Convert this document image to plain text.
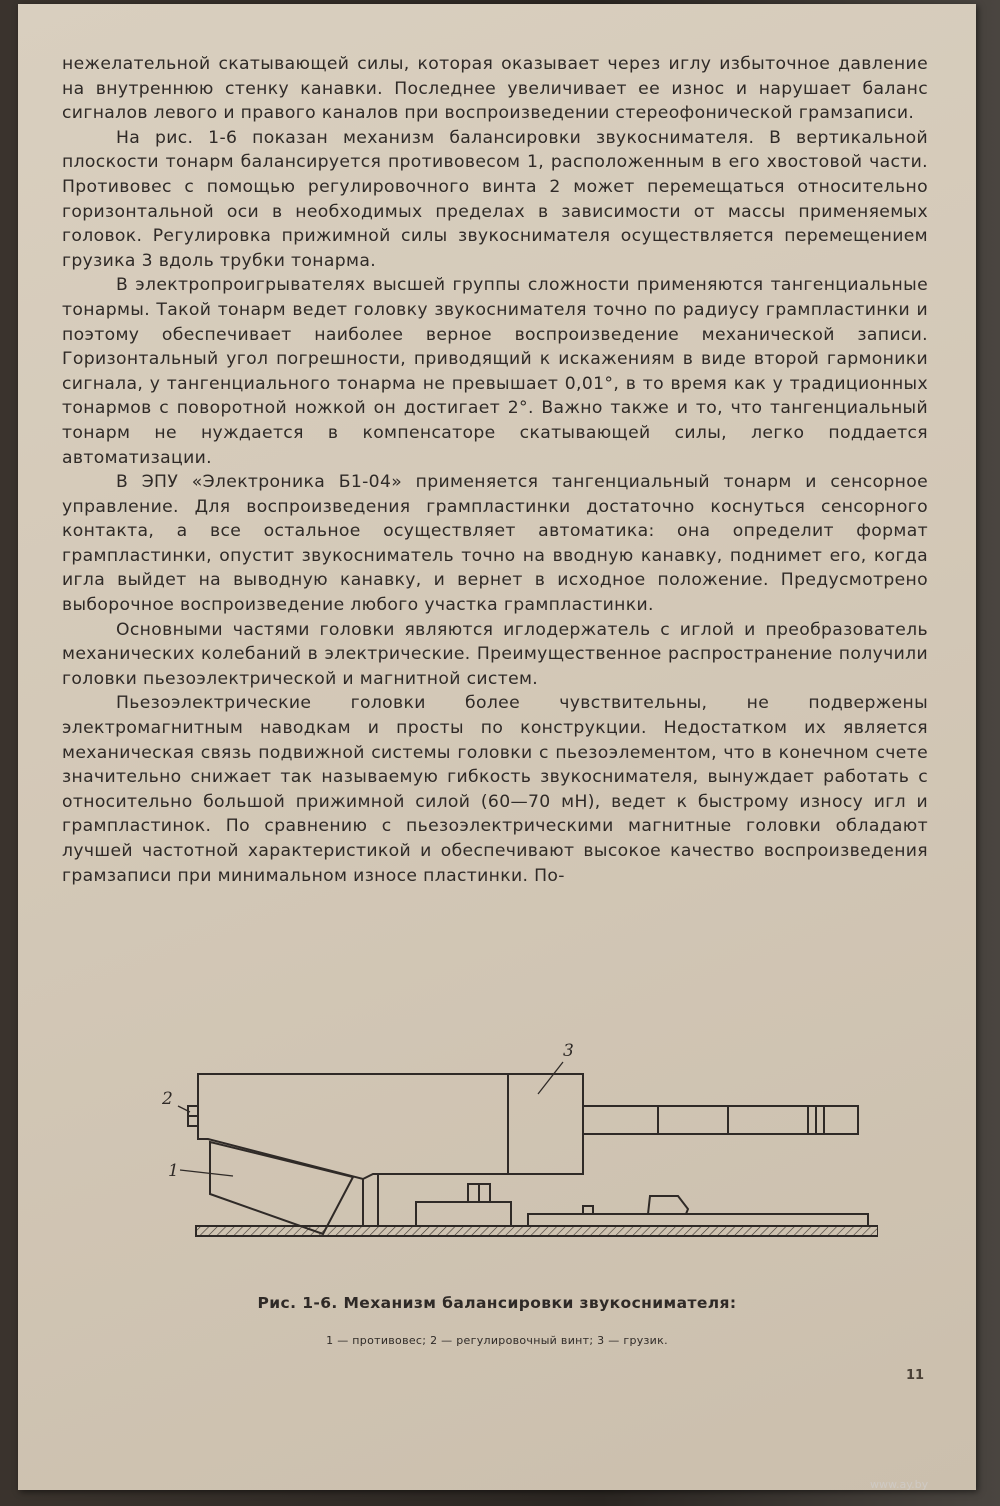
нежелательной скатывающей силы, которая оказывает через иглу избыточное давление на внутреннюю стенку канавки. Последнее увеличивает ее износ и нарушает баланс сигналов левого и правого каналов при воспроизведении стереофонической грамзаписи.

На рис. 1-6 показан механизм балансировки звукоснимателя. В вертикальной плоскости тонарм балансируется противовесом 1, расположенным в его хвостовой части. Противовес с помощью регулировочного винта 2 может перемещаться относительно горизонтальной оси в необходимых пределах в зависимости от массы применяемых головок. Регулировка прижимной силы звукоснимателя осуществляется перемещением грузика 3 вдоль трубки тонарма.

В электропроигрывателях высшей группы сложности применяются тангенциальные тонармы. Такой тонарм ведет головку звукоснимателя точно по радиусу грампластинки и поэтому обеспечивает наиболее верное воспроизведение механической записи. Горизонтальный угол погрешности, приводящий к искажениям в виде второй гармоники сигнала, у тангенциального тонарма не превышает 0,01°, в то время как у традиционных тонармов с поворотной ножкой он достигает 2°. Важно также и то, что тангенциальный тонарм не нуждается в компенсаторе скатывающей силы, легко поддается автоматизации.

В ЭПУ «Электроника Б1-04» применяется тангенциальный тонарм и сенсорное управление. Для воспроизведения грампластинки достаточно коснуться сенсорного контакта, а все остальное осуществляет автоматика: она определит формат грампластинки, опустит звукосниматель точно на вводную канавку, поднимет его, когда игла выйдет на выводную канавку, и вернет в исходное положение. Предусмотрено выборочное воспроизведение любого участка грампластинки.

Основными частями головки являются иглодержатель с иглой и преобразователь механических колебаний в электрические. Преимущественное распространение получили головки пьезоэлектрической и магнитной систем.

Пьезоэлектрические головки более чувствительны, не подвержены электромагнитным наводкам и просты по конструкции. Недостатком их является механическая связь подвижной системы головки с пьезоэлементом, что в конечном счете значительно снижает так называемую гибкость звукоснимателя, вынуждает работать с относительно большой прижимной силой (60—70 мН), ведет к быстрому износу игл и грампластинок. По сравнению с пьезоэлектрическими магнитные головки обладают лучшей частотной характеристикой и обеспечивают высокое качество воспроизведения грамзаписи при минимальном износе пластинки. По-

2
1
3
Рис. 1-6. Механизм балансировки звукоснимателя:
1 — противовес; 2 — регулировочный винт; 3 — грузик.
11
www.ay.by
